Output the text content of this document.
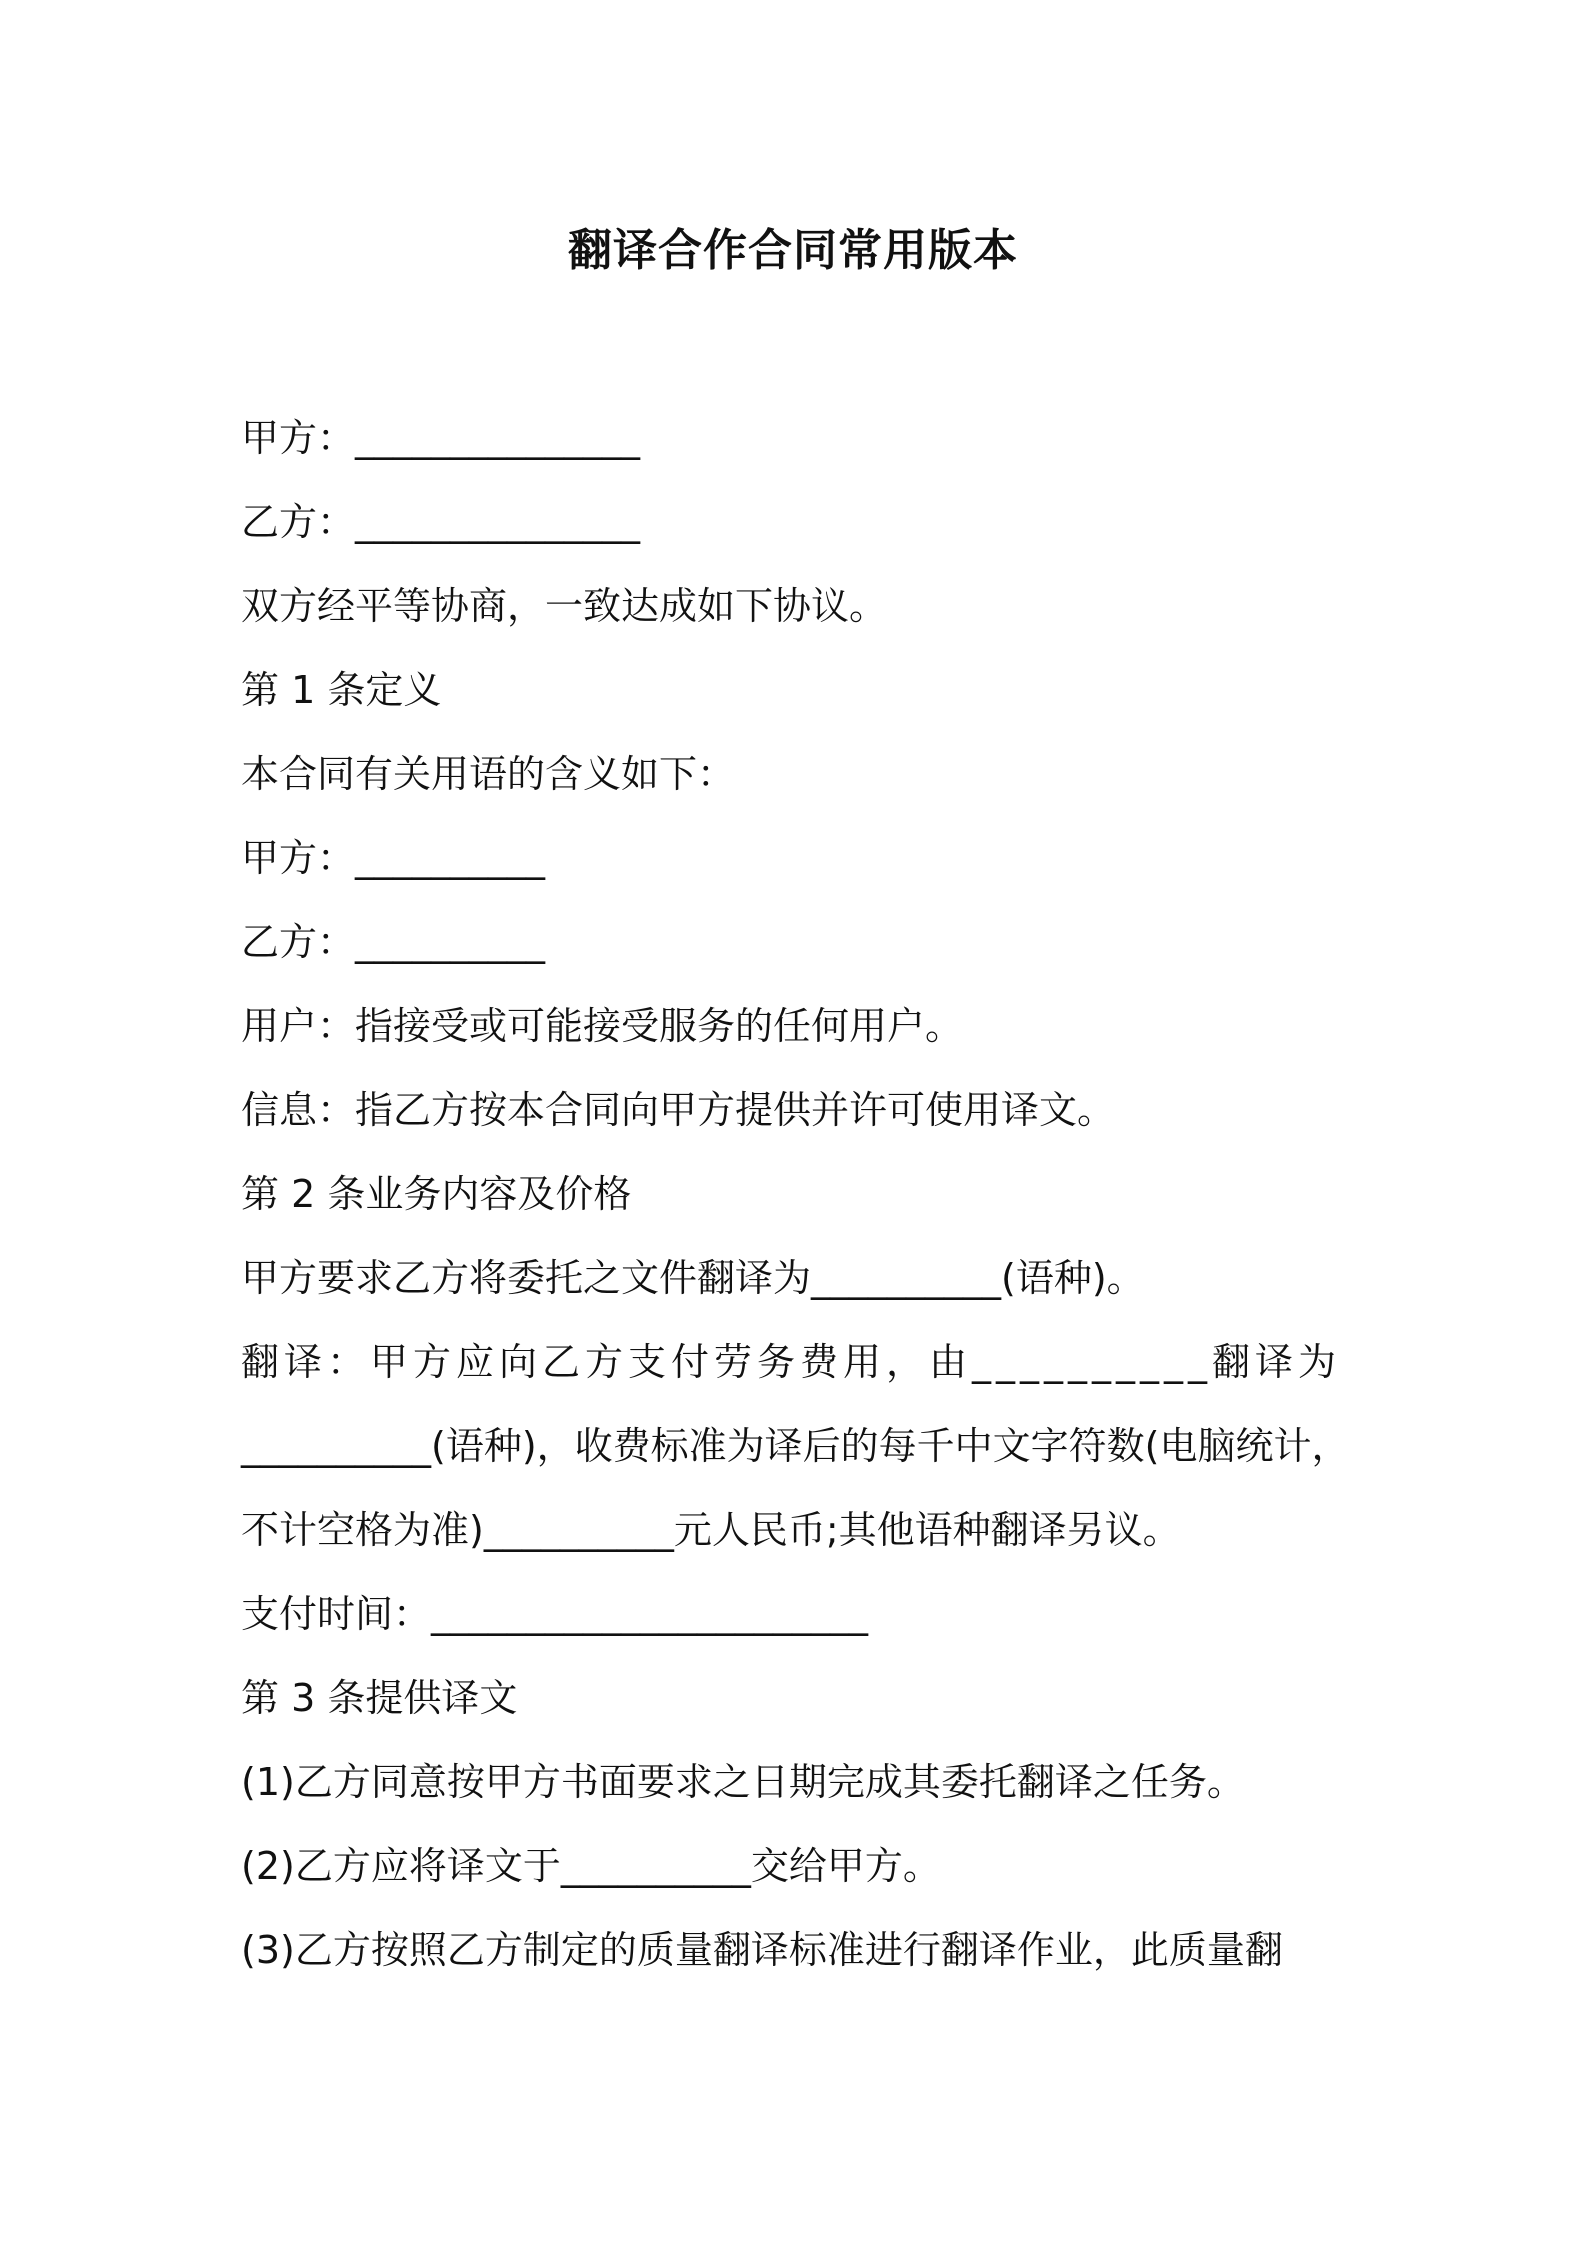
翻译合作合同常用版本
甲方：_______________
乙方：_______________
双方经平等协商，一致达成如下协议。
第 1 条定义
本合同有关用语的含义如下：
甲方：__________
乙方：__________
用户：指接受或可能接受服务的任何用户。
信息：指乙方按本合同向甲方提供并许可使用译文。
第 2 条业务内容及价格
甲方要求乙方将委托之文件翻译为__________(语种)。
翻译：甲方应向乙方支付劳务费用，由__________翻译为
__________(语种)，收费标准为译后的每千中文字符数(电脑统计，
不计空格为准)__________元人民币;其他语种翻译另议。
支付时间：_______________________
第 3 条提供译文
(1)乙方同意按甲方书面要求之日期完成其委托翻译之任务。
(2)乙方应将译文于__________交给甲方。
(3)乙方按照乙方制定的质量翻译标准进行翻译作业，此质量翻
